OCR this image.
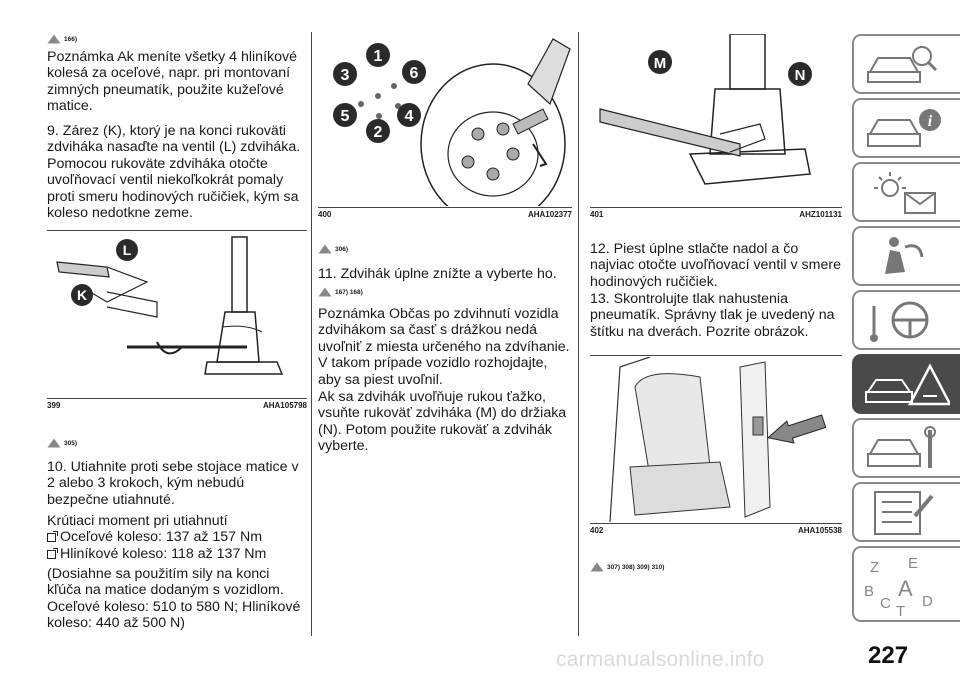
166)

Poznámka Ak meníte všetky 4 hliníkové kolesá za oceľové, napr. pri montovaní zimných pneumatík, použite kužeľové matice.

9. Zárez (K), ktorý je na konci rukoväti zdviháka nasaďte na ventil (L) zdviháka. Pomocou rukoväte zdviháka otočte uvoľňovací ventil niekoľkokrát pomaly proti smeru hodinových ručičiek, kým sa koleso nedotkne zeme.

L
K
399	AHA105798
305)

10. Utiahnite proti sebe stojace matice v 2 alebo 3 krokoch, kým nebudú bezpečne utiahnuté.

Krútiaci moment pri utiahnutí

Oceľové koleso: 137 až 157 Nm

Hliníkové koleso: 118 až 137 Nm

(Dosiahne sa použitím sily na konci kľúča na matice dodaným s vozidlom. Oceľové koleso: 510 to 580 N; Hliníkové koleso: 440 až 500 N)

1
3	6
5	4
2
400	AHA102377
306)

11. Zdvihák úplne znížte a vyberte ho.

167) 168)

Poznámka Občas po zdvihnutí vozidla zdvihákom sa časť s drážkou nedá uvoľniť z miesta určeného na zdvíhanie. V takom prípade vozidlo rozhojdajte, aby sa piest uvoľnil.

Ak sa zdvihák uvoľňuje rukou ťažko, vsuňte rukoväť zdviháka (M) do držiaka (N). Potom použite rukoväť a zdvihák vyberte.

M
N
401	AHZ101131

12. Piest úplne stlačte nadol a čo najviac otočte uvoľňovací ventil v smere hodinových ručičiek.

13. Skontrolujte tlak nahustenia pneumatík. Správny tlak je uvedený na štítku na dverách. Pozrite obrázok.

402	AHA105538
307) 308) 309) 310)
i
Z E
A
B
C T
D
carmanualsonline.info	227
